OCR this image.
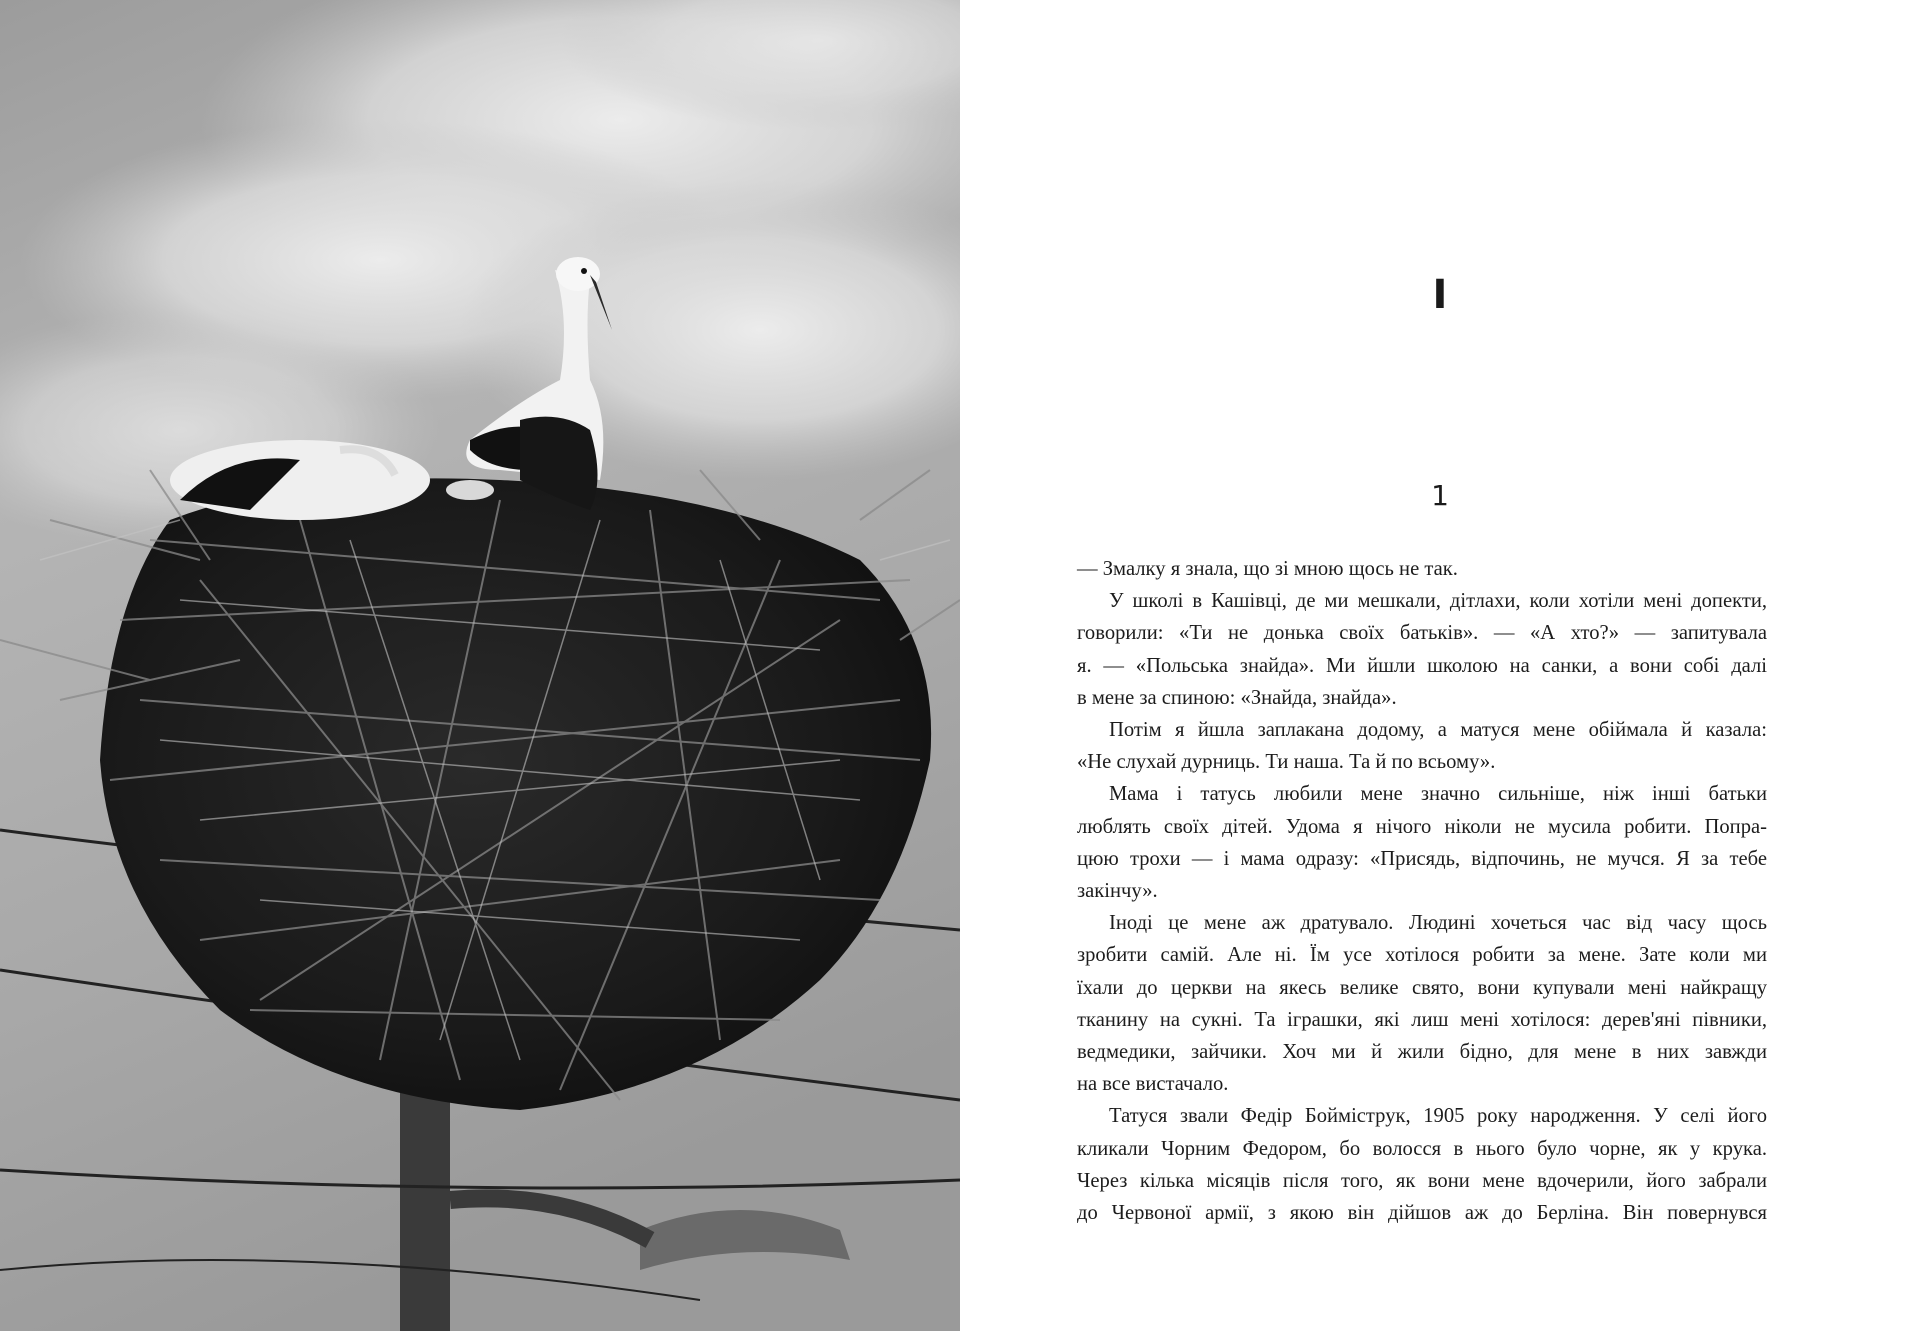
I
1
— Змалку я знала, що зі мною щось не так.
У школі в Кашівці, де ми мешкали, дітлахи, коли хотіли мені допекти,
говорили: «Ти не донька своїх батьків». — «А хто?» — запитувала
я. — «Польська знайда». Ми йшли школою на санки, а вони собі далі
в мене за спиною: «Знайда, знайда».
Потім я йшла заплакана додому, а матуся мене обіймала й казала:
«Не слухай дурниць. Ти наша. Та й по всьому».
Мама і татусь любили мене значно сильніше, ніж інші батьки
люблять своїх дітей. Удома я нічого ніколи не мусила робити. Попра-
цюю трохи — і мама одразу: «Присядь, відпочинь, не мучся. Я за тебе
закінчу».
Іноді це мене аж дратувало. Людині хочеться час від часу щось
зробити самій. Але ні. Їм усе хотілося робити за мене. Зате коли ми
їхали до церкви на якесь велике свято, вони купували мені найкращу
тканину на сукні. Та іграшки, які лиш мені хотілося: дерев'яні півники,
ведмедики, зайчики. Хоч ми й жили бідно, для мене в них завжди
на все вистачало.
Татуся звали Федір Бойміструк, 1905 року народження. У селі його
кликали Чорним Федором, бо волосся в нього було чорне, як у крука.
Через кілька місяців після того, як вони мене вдочерили, його забрали
до Червоної армії, з якою він дійшов аж до Берліна. Він повернувся
